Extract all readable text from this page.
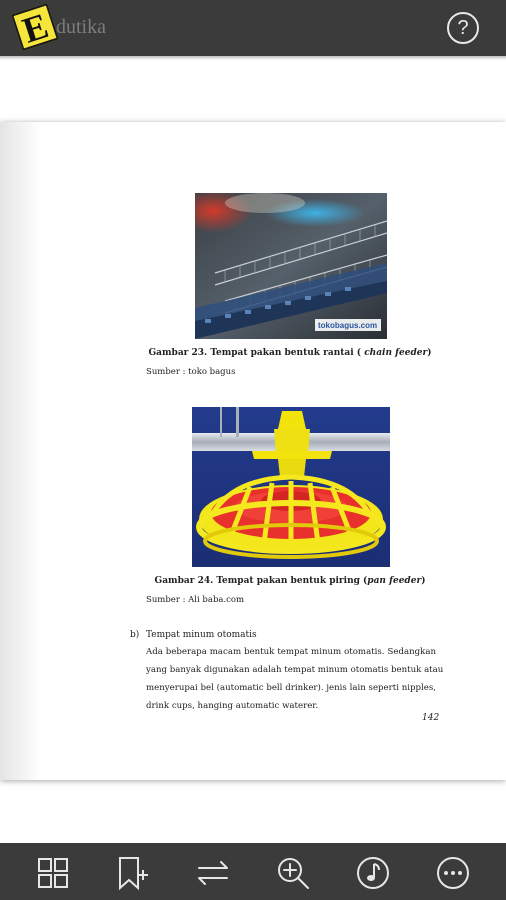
E dutika	?
tokobagus.com
Gambar 23. Tempat pakan bentuk rantai ( chain feeder)
Sumber : toko bagus
Gambar 24. Tempat pakan bentuk piring (pan feeder)
Sumber : Ali baba.com
b) Tempat minum otomatis
Ada beberapa macam bentuk tempat minum otomatis. Sedangkan
yang banyak digunakan adalah tempat minum otomatis bentuk atau
menyerupai bel (automatic bell drinker). jenis lain seperti nipples,
drink cups, hanging automatic waterer.
142
